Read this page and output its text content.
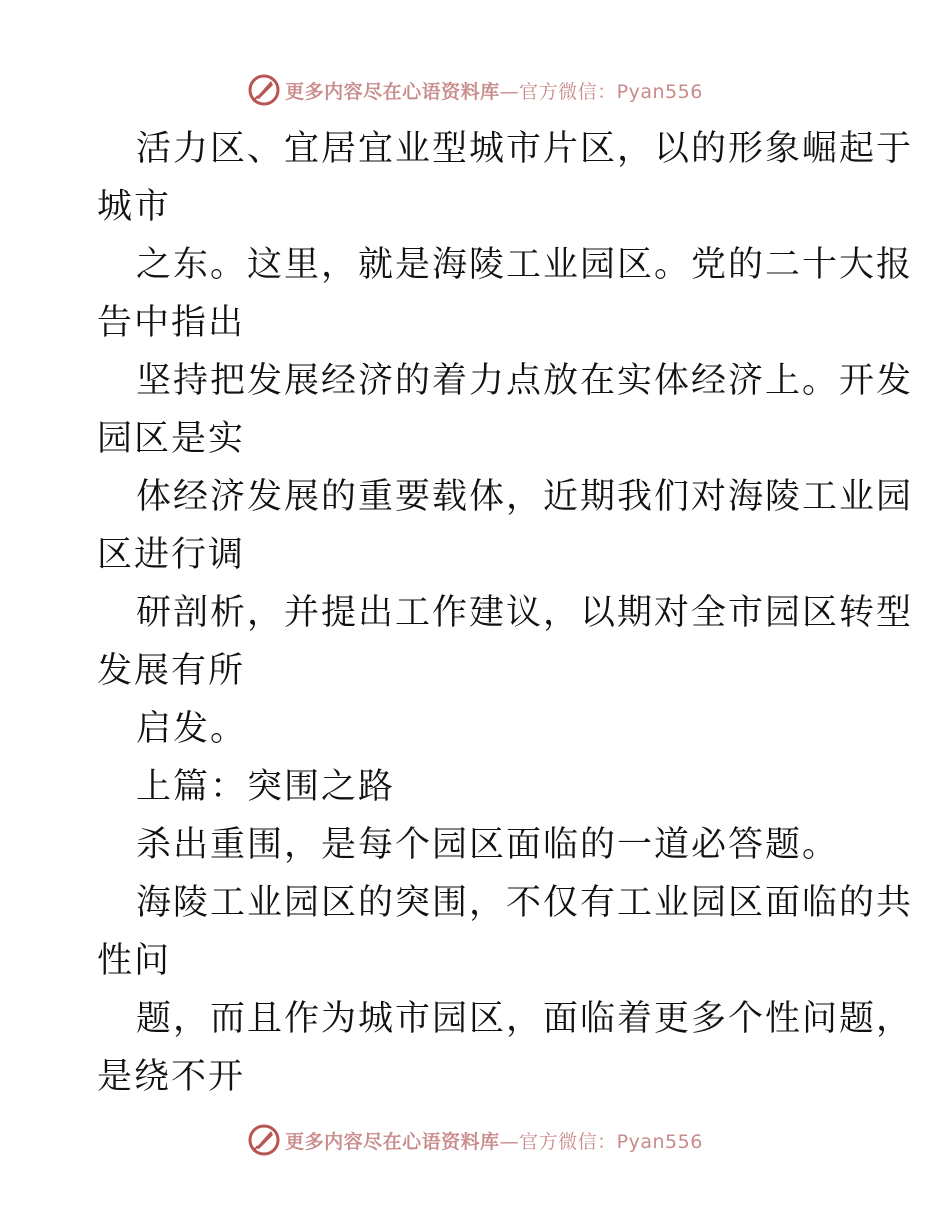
更多内容尽在心语资料库—官方微信：Pyan556
活力区、宜居宜业型城市片区，以的形象崛起于
城市
之东。这里，就是海陵工业园区。党的二十大报
告中指出
坚持把发展经济的着力点放在实体经济上。开发
园区是实
体经济发展的重要载体，近期我们对海陵工业园
区进行调
研剖析，并提出工作建议，以期对全市园区转型
发展有所
启发。
上篇：突围之路
杀出重围，是每个园区面临的一道必答题。
海陵工业园区的突围，不仅有工业园区面临的共
性问
题，而且作为城市园区，面临着更多个性问题，
是绕不开
更多内容尽在心语资料库—官方微信：Pyan556
